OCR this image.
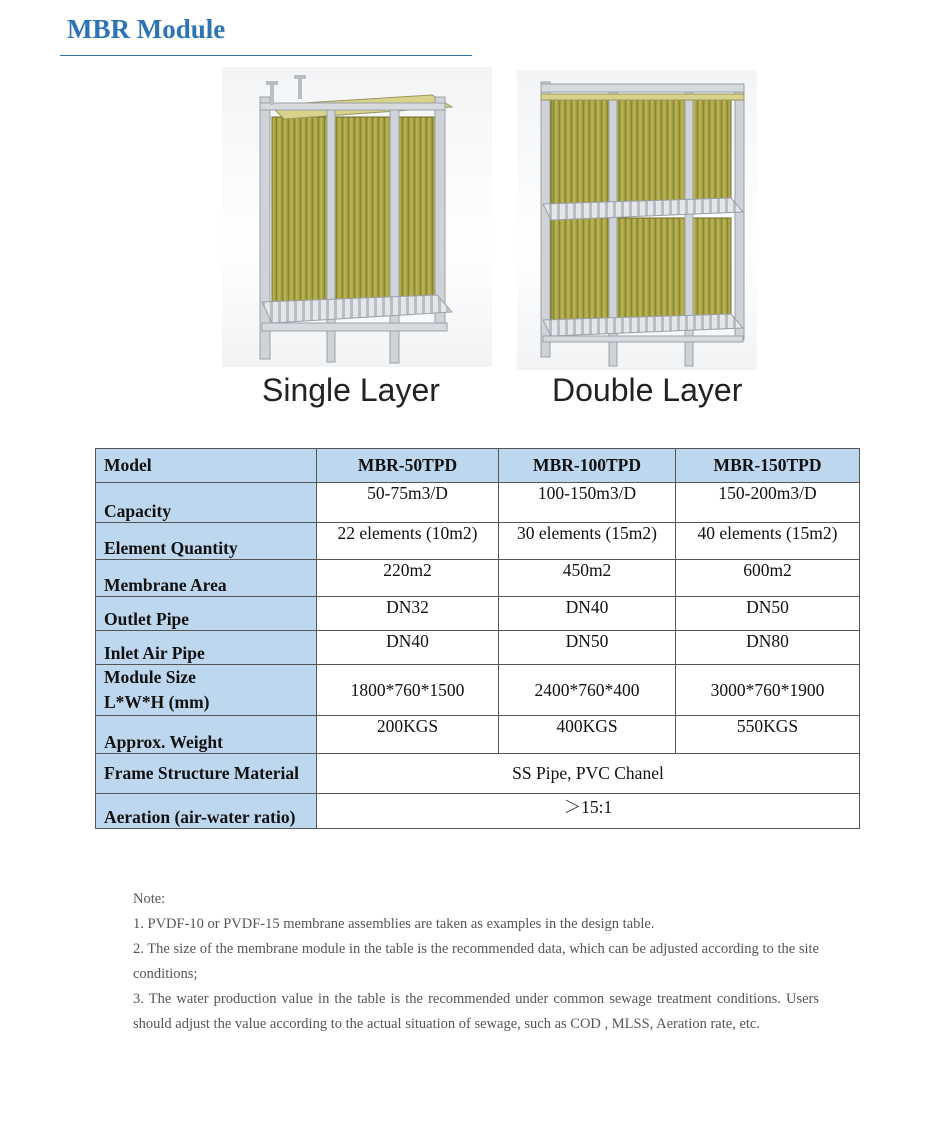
MBR Module
Single Layer	Double Layer
Model	MBR-50TPD	MBR-100TPD	MBR-150TPD
Capacity	50-75m3/D	100-150m3/D	150-200m3/D
Element Quantity	22 elements (10m2)	30 elements (15m2)	40 elements (15m2)
Membrane Area	220m2	450m2	600m2
Outlet Pipe	DN32	DN40	DN50
Inlet Air Pipe	DN40	DN50	DN80

Module Size
L*W*H (mm)	1800*760*1500	2400*760*400	3000*760*1900
Approx. Weight	200KGS	400KGS	550KGS
Frame Structure Material	SS Pipe, PVC Chanel		
Aeration (air-water ratio)	＞15:1		

Note:

1. PVDF-10 or PVDF-15 membrane assemblies are taken as examples in the design table.

2. The size of the membrane module in the table is the recommended data, which can be adjusted according to the site conditions;

3. The water production value in the table is the recommended under common sewage treatment conditions. Users should adjust the value according to the actual situation of sewage, such as COD , MLSS, Aeration rate, etc.
